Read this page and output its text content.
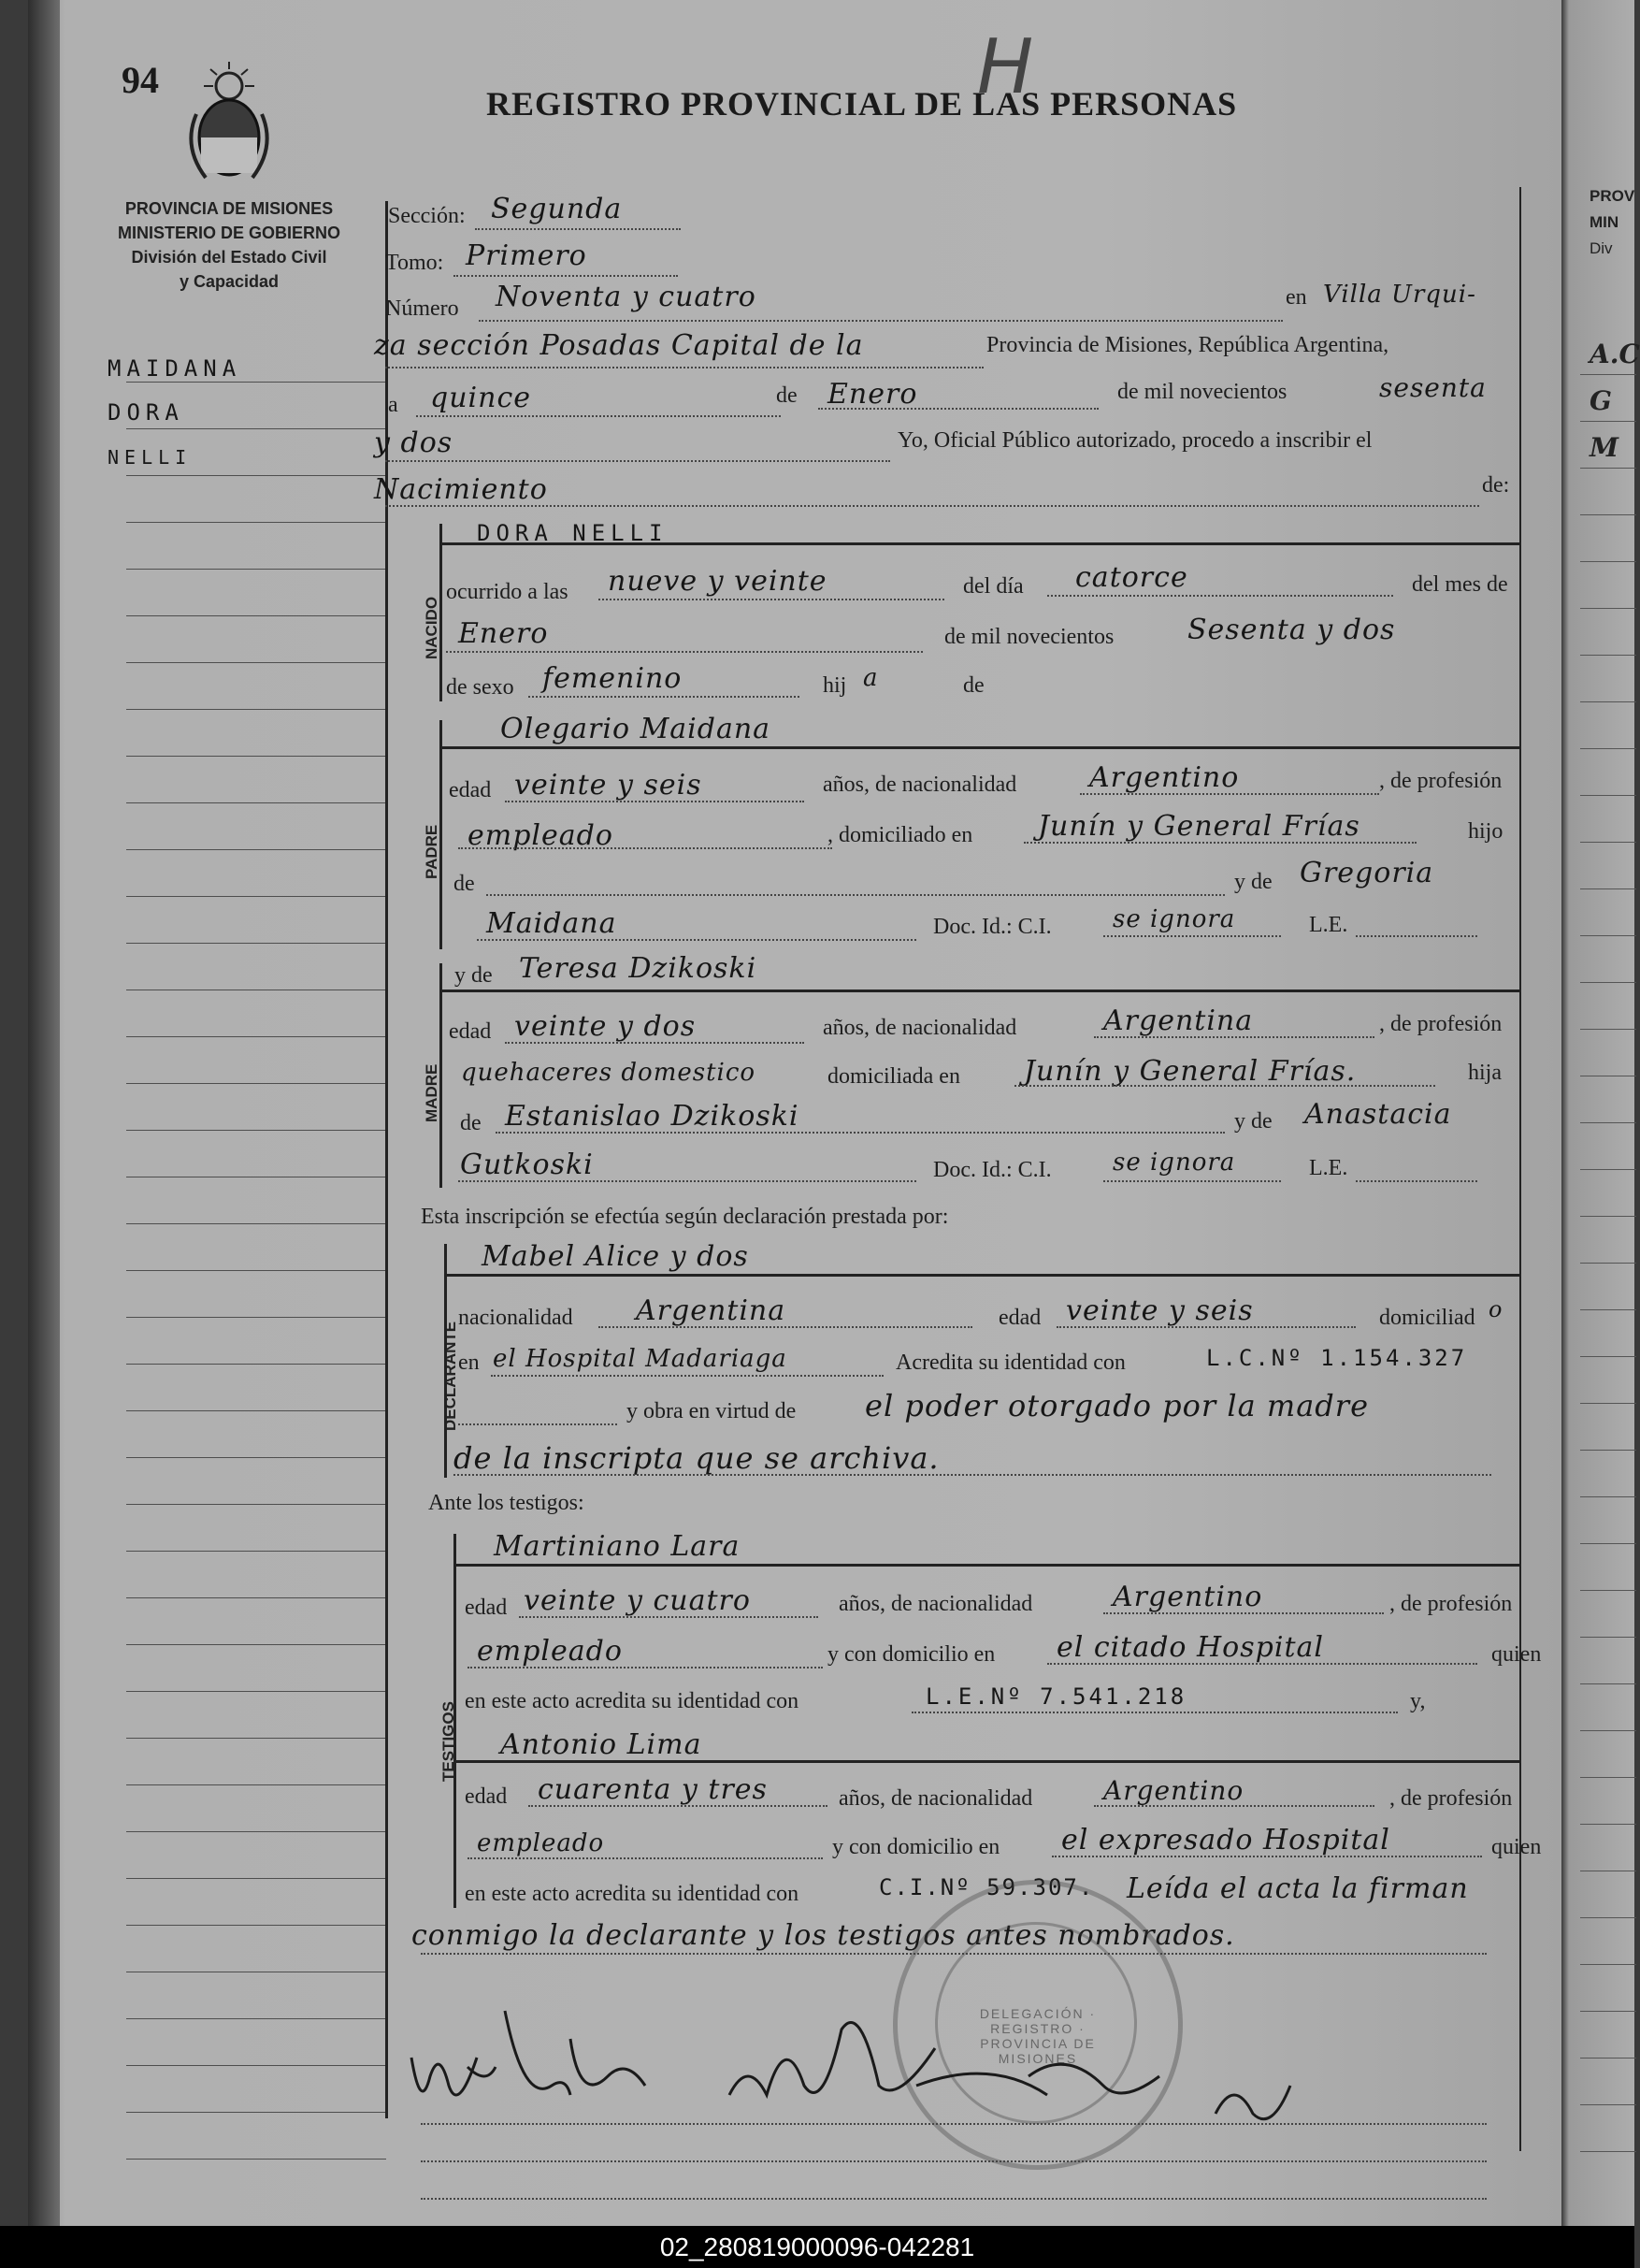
94	H
REGISTRO PROVINCIAL DE LAS PERSONAS
PROVINCIA DE MISIONES
MINISTERIO DE GOBIERNO
División del Estado Civil
y Capacidad
MAIDANA
DORA
NELLI
Sección: Segunda
Tomo: Primero
Número Noventa y cuatro	en Villa Urqui-
za sección Posadas Capital de la	Provincia de Misiones, República Argentina,
a quince	de Enero	de mil novecientos	sesenta
y dos	Yo, Oficial Público autorizado, procedo a inscribir el
Nacimiento	de:
NACIDO
DORA NELLI
ocurrido a las nueve y veinte	del día catorce	del mes de
Enero	de mil novecientos	Sesenta y dos
de sexo femenino	hij a	de
PADRE
Olegario Maidana
edad veinte y seis	años, de nacionalidad	Argentino	, de profesión
empleado	, domiciliado en Junín y General Frías	hijo
de	y de Gregoria
Maidana	Doc. Id.: C.I.	se ignora	L.E.
MADRE
y de Teresa Dzikoski
edad veinte y dos	años, de nacionalidad	Argentina	, de profesión
quehaceres domestico	domiciliada en Junín y General Frías.	hija
de Estanislao Dzikoski	y de Anastacia
Gutkoski	Doc. Id.: C.I.	se ignora	L.E.
Esta inscripción se efectúa según declaración prestada por:
DECLARANTE
Mabel Alice y dos
nacionalidad Argentina	edad veinte y seis	domiciliad o
en el Hospital Madariaga	Acredita su identidad con	L.C.Nº 1.154.327
y obra en virtud de el poder otorgado por la madre
de la inscripta que se archiva.
Ante los testigos:
TESTIGOS
Martiniano Lara
edad veinte y cuatro	años, de nacionalidad	Argentino	, de profesión
empleado	y con domicilio en el citado Hospital	quien
en este acto acredita su identidad con	L.E.Nº 7.541.218	y,
Antonio Lima
edad cuarenta y tres	años, de nacionalidad	Argentino	, de profesión
empleado	y con domicilio en el expresado Hospital	quien
en este acto acredita su identidad con	C.I.Nº 59.307. Leída el acta la firman
conmigo la declarante y los testigos antes nombrados.
DELEGACIÓN · REGISTRO · PROVINCIA DE MISIONES
PROV
MIN
Div
A.C
G
M
02_280819000096-042281
